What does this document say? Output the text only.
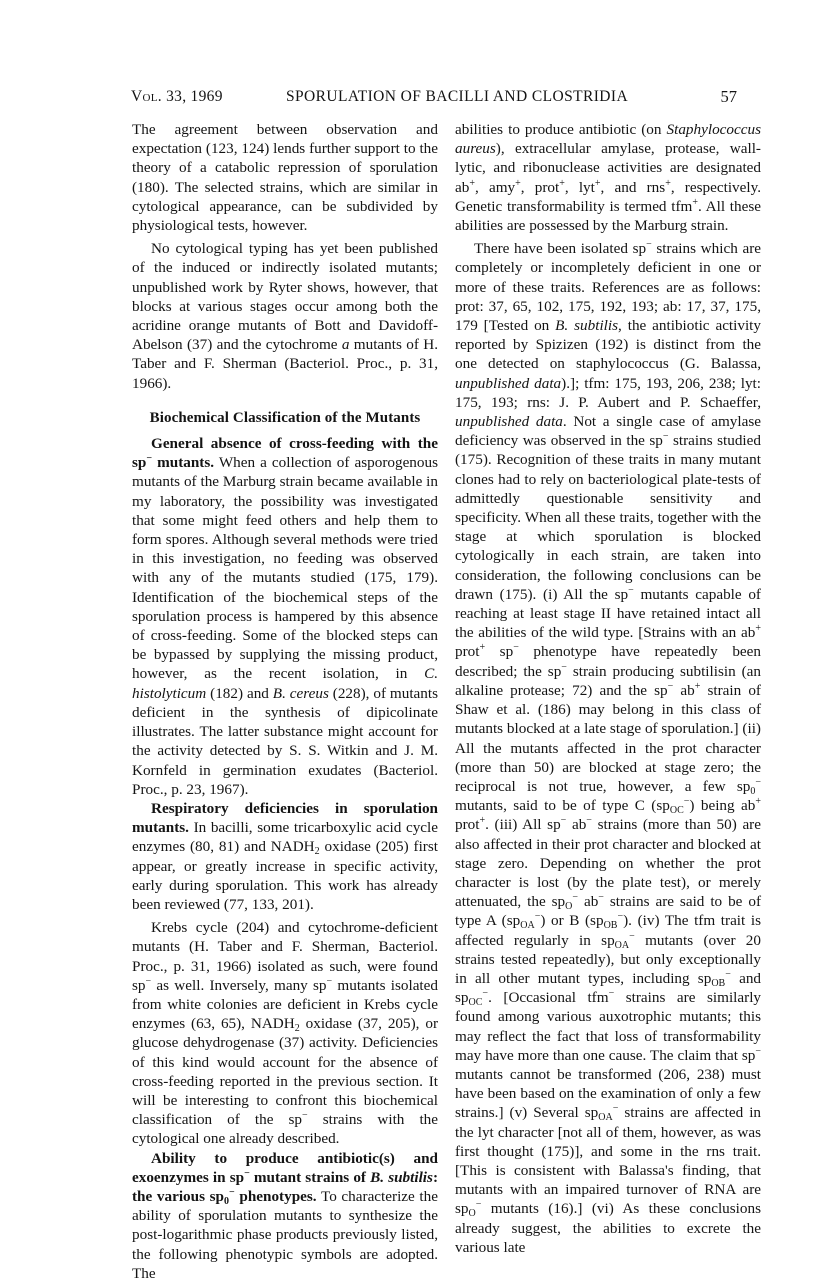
Vol. 33, 1969	SPORULATION OF BACILLI AND CLOSTRIDIA	57

The agreement between observation and expectation (123, 124) lends further support to the theory of a catabolic repression of sporulation (180). The selected strains, which are similar in cytological appearance, can be subdivided by physiological tests, however.

No cytological typing has yet been published of the induced or indirectly isolated mutants; unpublished work by Ryter shows, however, that blocks at various stages occur among both the acridine orange mutants of Bott and Davidoff-Abelson (37) and the cytochrome a mutants of H. Taber and F. Sherman (Bacteriol. Proc., p. 31, 1966).

Biochemical Classification of the Mutants

General absence of cross-feeding with the sp− mutants. When a collection of asporogenous mutants of the Marburg strain became available in my laboratory, the possibility was investigated that some might feed others and help them to form spores. Although several methods were tried in this investigation, no feeding was observed with any of the mutants studied (175, 179). Identification of the biochemical steps of the sporulation process is hampered by this absence of cross-feeding. Some of the blocked steps can be bypassed by supplying the missing product, however, as the recent isolation, in C. histolyticum (182) and B. cereus (228), of mutants deficient in the synthesis of dipicolinate illustrates. The latter substance might account for the activity detected by S. S. Witkin and J. M. Kornfeld in germination exudates (Bacteriol. Proc., p. 23, 1967).

Respiratory deficiencies in sporulation mutants. In bacilli, some tricarboxylic acid cycle enzymes (80, 81) and $NADH_2$ oxidase (205) first appear, or greatly increase in specific activity, early during sporulation. This work has already been reviewed (77, 133, 201).

Krebs cycle (204) and cytochrome-deficient mutants (H. Taber and F. Sherman, Bacteriol. Proc., p. 31, 1966) isolated as such, were found sp− as well. Inversely, many sp− mutants isolated from white colonies are deficient in Krebs cycle enzymes (63, 65), $NADH_2$ oxidase (37, 205), or glucose dehydrogenase (37) activity. Deficiencies of this kind would account for the absence of cross-feeding reported in the previous section. It will be interesting to confront this biochemical classification of the sp− strains with the cytological one already described.

Ability to produce antibiotic(s) and exoenzymes in sp− mutant strains of B. subtilis: the various $sp_0^-$ phenotypes. To characterize the ability of sporulation mutants to synthesize the post-logarithmic phase products previously listed, the following phenotypic symbols are adopted. The

abilities to produce antibiotic (on Staphylococcus aureus), extracellular amylase, protease, wall-lytic, and ribonuclease activities are designated ab+, amy+, prot+, lyt+, and rns+, respectively. Genetic transformability is termed tfm+. All these abilities are possessed by the Marburg strain.

There have been isolated sp− strains which are completely or incompletely deficient in one or more of these traits. References are as follows: prot: 37, 65, 102, 175, 192, 193; ab: 17, 37, 175, 179 [Tested on B. subtilis, the antibiotic activity reported by Spizizen (192) is distinct from the one detected on staphylococcus (G. Balassa, unpublished data).]; tfm: 175, 193, 206, 238; lyt: 175, 193; rns: J. P. Aubert and P. Schaeffer, unpublished data. Not a single case of amylase deficiency was observed in the sp− strains studied (175). Recognition of these traits in many mutant clones had to rely on bacteriological plate-tests of admittedly questionable sensitivity and specificity. When all these traits, together with the stage at which sporulation is blocked cytologically in each strain, are taken into consideration, the following conclusions can be drawn (175). (i) All the sp− mutants capable of reaching at least stage II have retained intact all the abilities of the wild type. [Strains with an ab+ prot+ sp− phenotype have repeatedly been described; the sp− strain producing subtilisin (an alkaline protease; 72) and the sp− ab+ strain of Shaw et al. (186) may belong in this class of mutants blocked at a late stage of sporulation.] (ii) All the mutants affected in the prot character (more than 50) are blocked at stage zero; the reciprocal is not true, however, a few $sp_0^-$ mutants, said to be of type C $(sp_{OC}^-)$ being ab+ prot+. (iii) All sp− ab− strains (more than 50) are also affected in their prot character and blocked at stage zero. Depending on whether the prot character is lost (by the plate test), or merely attenuated, the $sp_O^-$ ab− strains are said to be of type A $(sp_{OA}^-)$ or B $(sp_{OB}^-)$. (iv) The tfm trait is affected regularly in $sp_{OA}^-$ mutants (over 20 strains tested repeatedly), but only exceptionally in all other mutant types, including $sp_{OB}^-$ and $sp_{OC}^-$. [Occasional tfm− strains are similarly found among various auxotrophic mutants; this may reflect the fact that loss of transformability may have more than one cause. The claim that sp− mutants cannot be transformed (206, 238) must have been based on the examination of only a few strains.] (v) Several $sp_{OA}^-$ strains are affected in the lyt character [not all of them, however, as was first thought (175)], and some in the rns trait. [This is consistent with Balassa's finding, that mutants with an impaired turnover of RNA are $sp_O^-$ mutants (16).] (vi) As these conclusions already suggest, the abilities to excrete the various late
